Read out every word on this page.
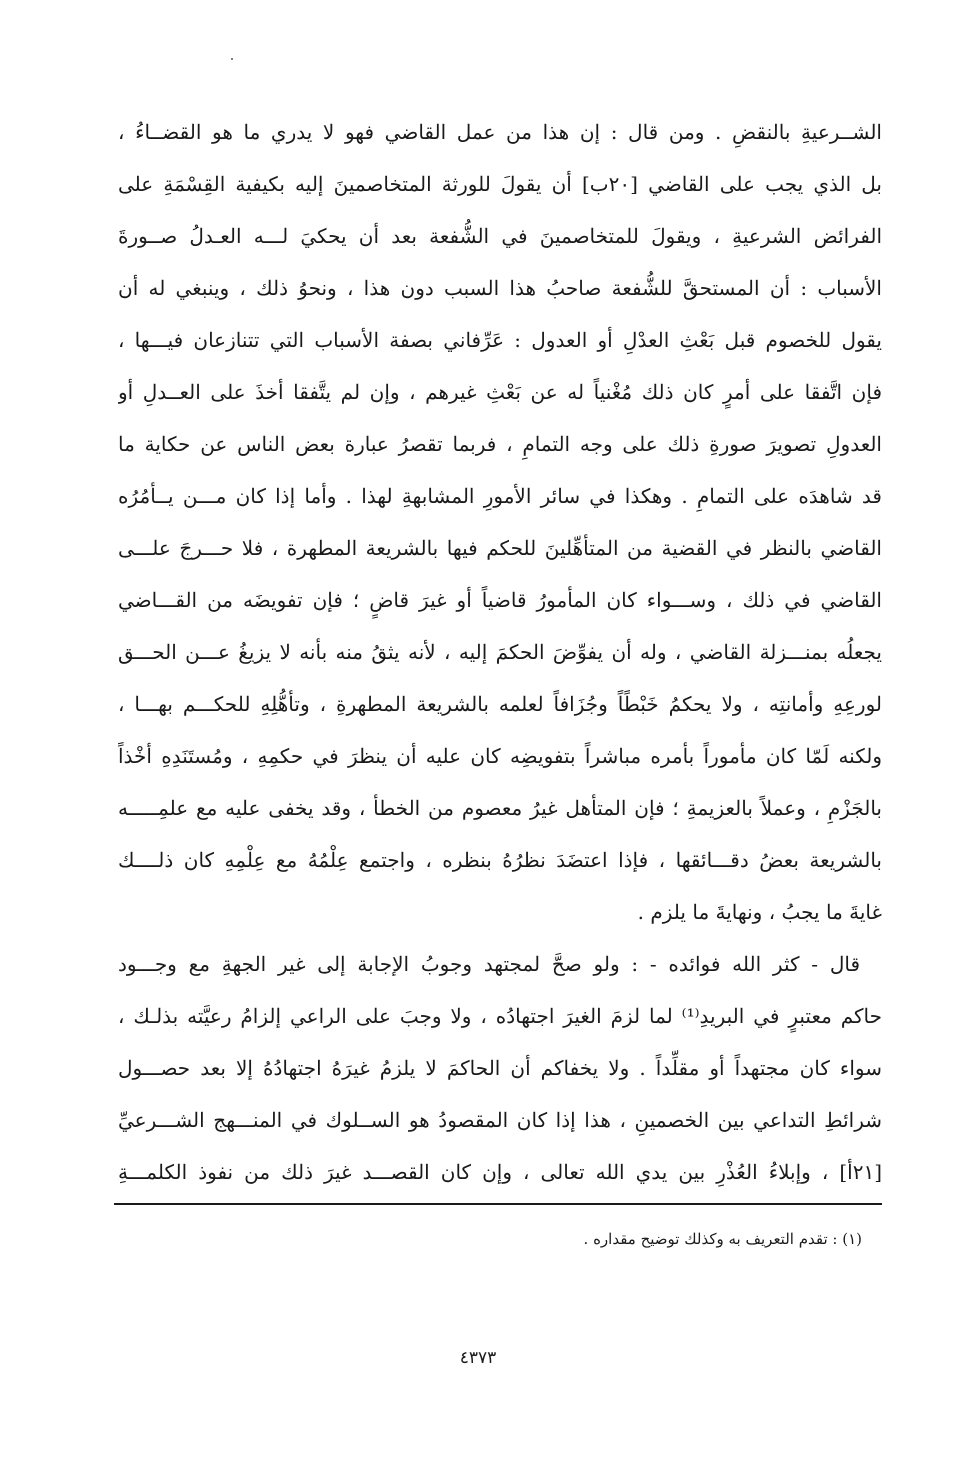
الشــرعيةِ بالنقضِ . ومن قال : إن هذا من عمل القاضي فهو لا يدري ما هو القضــاءُ ،
بل الذي يجب على القاضي [٢٠ب] أن يقولَ للورثة المتخاصمينَ إليه بكيفية القِسْمَةِ على
الفرائض الشرعيةِ ، ويقولَ للمتخاصمينَ في الشُّفعة بعد أن يحكيَ لـــه العـدلُ صــورةَ
الأسباب : أن المستحقَّ للشُّفعة صاحبُ هذا السبب دون هذا ، ونحوُ ذلك ، وينبغي له أن
يقول للخصوم قبل بَعْثِ العدْلِ أو العدول : عَرِّفاني بصفة الأسباب التي تتنازعان فيـــها ،
فإن اتَّفقا على أمرٍ كان ذلك مُغْنياً له عن بَعْثِ غيرهم ، وإن لم يتَّفقا أخذَ على العــدلِ أو
العدولِ تصويرَ صورةِ ذلك على وجه التمامِ ، فربما تقصرُ عبارة بعض الناس عن حكاية ما
قد شاهدَه على التمامِ . وهكذا في سائر الأمورِ المشابهةِ لهذا . وأما إذا كان مـــن يــأمُرُه
القاضي بالنظر في القضية من المتأهِّلينَ للحكم فيها بالشريعة المطهرة ، فلا حـــرجَ علـــى
القاضي في ذلك ، وســـواء كان المأمورُ قاضياً أو غيرَ قاضٍ ؛ فإن تفويضَه من القـــاضي
يجعلُه بمنـــزلة القاضي ، وله أن يفوِّضَ الحكمَ إليه ، لأنه يثقُ منه بأنه لا يزيغُ عـــن الحـــق
لورعِهِ وأمانتِه ، ولا يحكمُ خَبْطًاً وجُزَافاً لعلمه بالشريعة المطهرةِ ، وتأهُّلِهِ للحكـــم بهـــا ،
ولكنه لَمّا كان مأموراً بأمره مباشراً بتفويضِه كان عليه أن ينظرَ في حكمِهِ ، ومُستَنَدِهِ أخْذاً
بالجَزْمِ ، وعملاً بالعزيمةِ ؛ فإن المتأهل غيرُ معصوم من الخطأ ، وقد يخفى عليه مع علمِـــــه
بالشريعة بعضُ دقـــائقها ، فإذا اعتضَدَ نظرُهُ بنظره ، واجتمع عِلْمُهُ مع عِلْمِهِ كان ذلــــك
غايةَ ما يجبُ ، ونهايةَ ما يلزم .
قال - كثر الله فوائده - : ولو صحَّ لمجتهد وجوبُ الإجابة إلى غير الجهةِ مع وجـــود
حاكم معتبرٍ في البريدِ⁽¹⁾ لما لزمَ الغيرَ اجتهادُه ، ولا وجبَ على الراعي إلزامُ رعيَّته بذلـك ،
سواء كان مجتهداً أو مقلِّداً . ولا يخفاكم أن الحاكمَ لا يلزمُ غيرَهُ اجتهادُهُ إلا بعد حصـــول
شرائطِ التداعي بين الخصمينِ ، هذا إذا كان المقصودُ هو الســلوك في المنـــهج الشـــرعيِّ
[٢١أ] ، وإبلاءُ العُذْرِ بين يدي الله تعالى ، وإن كان القصـــد غيرَ ذلك من نفوذ الكلمـــةِ
(١) : تقدم التعريف به وكذلك توضيح مقداره .
٤٣٧٣
